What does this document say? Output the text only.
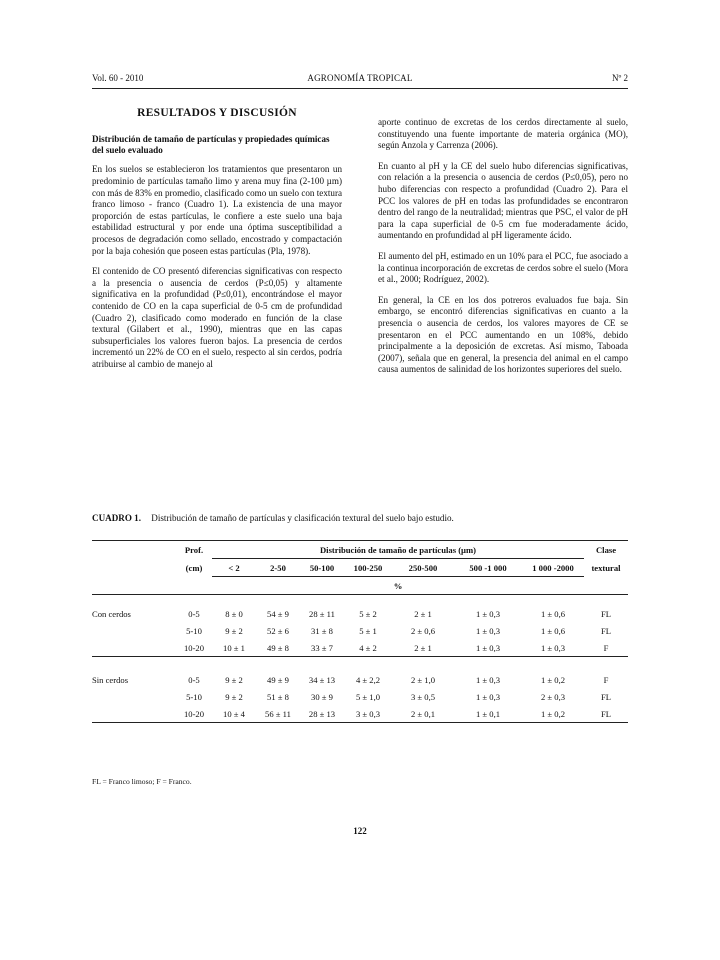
Vol. 60 - 2010	AGRONOMÍA TROPICAL	Nº 2
RESULTADOS Y DISCUSIÓN
Distribución de tamaño de partículas y propiedades químicas del suelo evaluado

En los suelos se establecieron los tratamientos que presentaron un predominio de partículas tamaño limo y arena muy fina (2-100 µm) con más de 83% en promedio, clasificado como un suelo con textura franco limoso - franco (Cuadro 1). La existencia de una mayor proporción de estas partículas, le confiere a este suelo una baja estabilidad estructural y por ende una óptima susceptibilidad a procesos de degradación como sellado, encostrado y compactación por la baja cohesión que poseen estas partículas (Pla, 1978).

El contenido de CO presentó diferencias significativas con respecto a la presencia o ausencia de cerdos (P≤0,05) y altamente significativa en la profundidad (P≤0,01), encontrándose el mayor contenido de CO en la capa superficial de 0-5 cm de profundidad (Cuadro 2), clasificado como moderado en función de la clase textural (Gilabert et al., 1990), mientras que en las capas subsuperficiales los valores fueron bajos. La presencia de cerdos incrementó un 22% de CO en el suelo, respecto al sin cerdos, podría atribuirse al cambio de manejo al

aporte continuo de excretas de los cerdos directamente al suelo, constituyendo una fuente importante de materia orgánica (MO), según Anzola y Carrenza (2006).

En cuanto al pH y la CE del suelo hubo diferencias significativas, con relación a la presencia o ausencia de cerdos (P≤0,05), pero no hubo diferencias con respecto a profundidad (Cuadro 2). Para el PCC los valores de pH en todas las profundidades se encontraron dentro del rango de la neutralidad; mientras que PSC, el valor de pH para la capa superficial de 0-5 cm fue moderadamente ácido, aumentando en profundidad al pH ligeramente ácido.

El aumento del pH, estimado en un 10% para el PCC, fue asociado a la continua incorporación de excretas de cerdos sobre el suelo (Mora et al., 2000; Rodríguez, 2002).

En general, la CE en los dos potreros evaluados fue baja. Sin embargo, se encontró diferencias significativas en cuanto a la presencia o ausencia de cerdos, los valores mayores de CE se presentaron en el PCC aumentando en un 108%, debido principalmente a la deposición de excretas. Así mismo, Taboada (2007), señala que en general, la presencia del animal en el campo causa aumentos de salinidad de los horizontes superiores del suelo.

CUADRO 1. Distribución de tamaño de partículas y clasificación textural del suelo bajo estudio.
	Prof.	Distribución de tamaño de partículas (µm)							Clase
	(cm)	< 2	2-50	50-100	100-250	250-500	500 -1 000	1 000 -2000	textural
		%							

Con cerdos	0-5	8 ± 0	54 ± 9	28 ± 11	5 ± 2	2 ± 1	1 ± 0,3	1 ± 0,6	FL
	5-10	9 ± 2	52 ± 6	31 ± 8	5 ± 1	2 ± 0,6	1 ± 0,3	1 ± 0,6	FL
	10-20	10 ± 1	49 ± 8	33 ± 7	4 ± 2	2 ± 1	1 ± 0,3	1 ± 0,3	F

Sin cerdos	0-5	9 ± 2	49 ± 9	34 ± 13	4 ± 2,2	2 ± 1,0	1 ± 0,3	1 ± 0,2	F
	5-10	9 ± 2	51 ± 8	30 ± 9	5 ± 1,0	3 ± 0,5	1 ± 0,3	2 ± 0,3	FL
	10-20	10 ± 4	56 ± 11	28 ± 13	3 ± 0,3	2 ± 0,1	1 ± 0,1	1 ± 0,2	FL

FL = Franco limoso; F = Franco.
122
